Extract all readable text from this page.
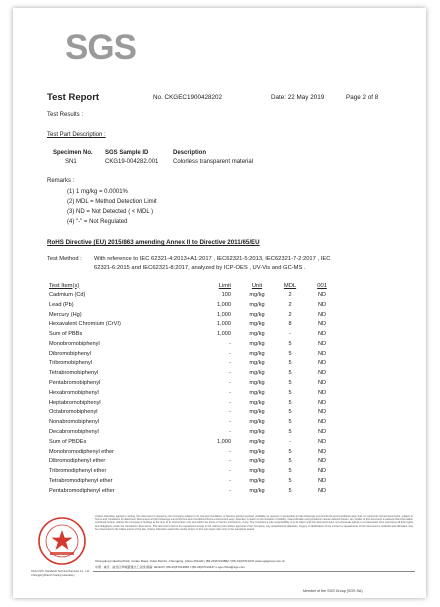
SGS
Test Report	No. CKGEC1900428202	Date: 22 May 2019	Page 2 of 8
Test Results :
Test Part Description :
Specimen No. SGS Sample ID	Description
SN1	CKG19-004282.001 Colorless transparent material
Remarks :
(1) 1 mg/kg = 0.0001%
(2) MDL = Method Detection Limit
(3) ND = Not Detected ( < MDL )
(4) "-" = Not Regulated
RoHS Directive (EU) 2015/863 amending Annex II to Directive 2011/65/EU
Test Method : With reference to IEC 62321-4:2013+A1:2017 , IEC62321-5:2013, IEC62321-7-2:2017 , IEC
62321-6:2015 and IEC62321-8:2017, analyzed by ICP-OES , UV-Vis and GC-MS .
Test Item(s)	Limit	Unit	MDL	001
Cadmium (Cd)	100	mg/kg	2	ND
Lead (Pb)	1,000	mg/kg	2	ND
Mercury (Hg)	1,000	mg/kg	2	ND
Hexavalent Chromium (CrVI)	1,000	mg/kg	8	ND
Sum of PBBs	1,000	mg/kg	-	ND
Monobromobiphenyl	-	mg/kg	5	ND
Dibromobiphenyl	-	mg/kg	5	ND
Tribromobiphenyl	-	mg/kg	5	ND
Tetrabromobiphenyl	-	mg/kg	5	ND
Pentabromobiphenyl	-	mg/kg	5	ND
Hexabromobiphenyl	-	mg/kg	5	ND
Heptabromobiphenyl	-	mg/kg	5	ND
Octabromobiphenyl	-	mg/kg	5	ND
Nonabromobiphenyl	-	mg/kg	5	ND
Decabromobiphenyl	-	mg/kg	5	ND
Sum of PBDEs	1,000	mg/kg	-	ND
Monobromodiphenyl ether	-	mg/kg	5	ND
Dibromodiphenyl ether	-	mg/kg	5	ND
Tribromodiphenyl ether	-	mg/kg	5	ND
Tetrabromodiphenyl ether	-	mg/kg	5	ND
Pentabromodiphenyl ether	-	mg/kg	5	ND
SGS-CSTC Standards Technical Services Co., Ltd.
Chongqing Branch Testing Laboratory
Unless otherwise agreed in writing, this document is issued by the Company subject to its General Conditions of Service printed overleaf, available on request or accessible at http://www.sgs.com/en/Terms-and-Conditions.aspx and, for electronic format documents, subject to Terms and Conditions for Electronic Documents at http://www.sgs.com/en/Terms-and-Conditions/Terms-e-Document.aspx. Attention is drawn to the limitation of liability, indemnification and jurisdiction issues defined therein. Any holder of this document is advised that information contained hereon reflects the Company's findings at the time of its intervention only and within the limits of Client's instructions, if any. The Company's sole responsibility is to its Client and this document does not exonerate parties to a transaction from exercising all their rights and obligations under the transaction documents. This document cannot be reproduced except in full, without prior written approval of the Company. Any unauthorized alteration, forgery or falsification of the content or appearance of this document is unlawful and offenders may be prosecuted to the fullest extent of the law. Unless otherwise stated the results shown in this test report refer only to the sample(s) tested.
Chongqing Industrial Park, Cuitao Road, Yubei District, Chongqing, China 401120 t (86-23)67013882 f (86-23)67013247 www.sgsgroup.com.cn
中国 · 重庆 · 渝北区翠桃路通达工业园 邮编: 401120 t (86-23)67013882 f (86-23)67013247 e sgs.china@sgs.com
Member of the SGS Group (SGS SA)
